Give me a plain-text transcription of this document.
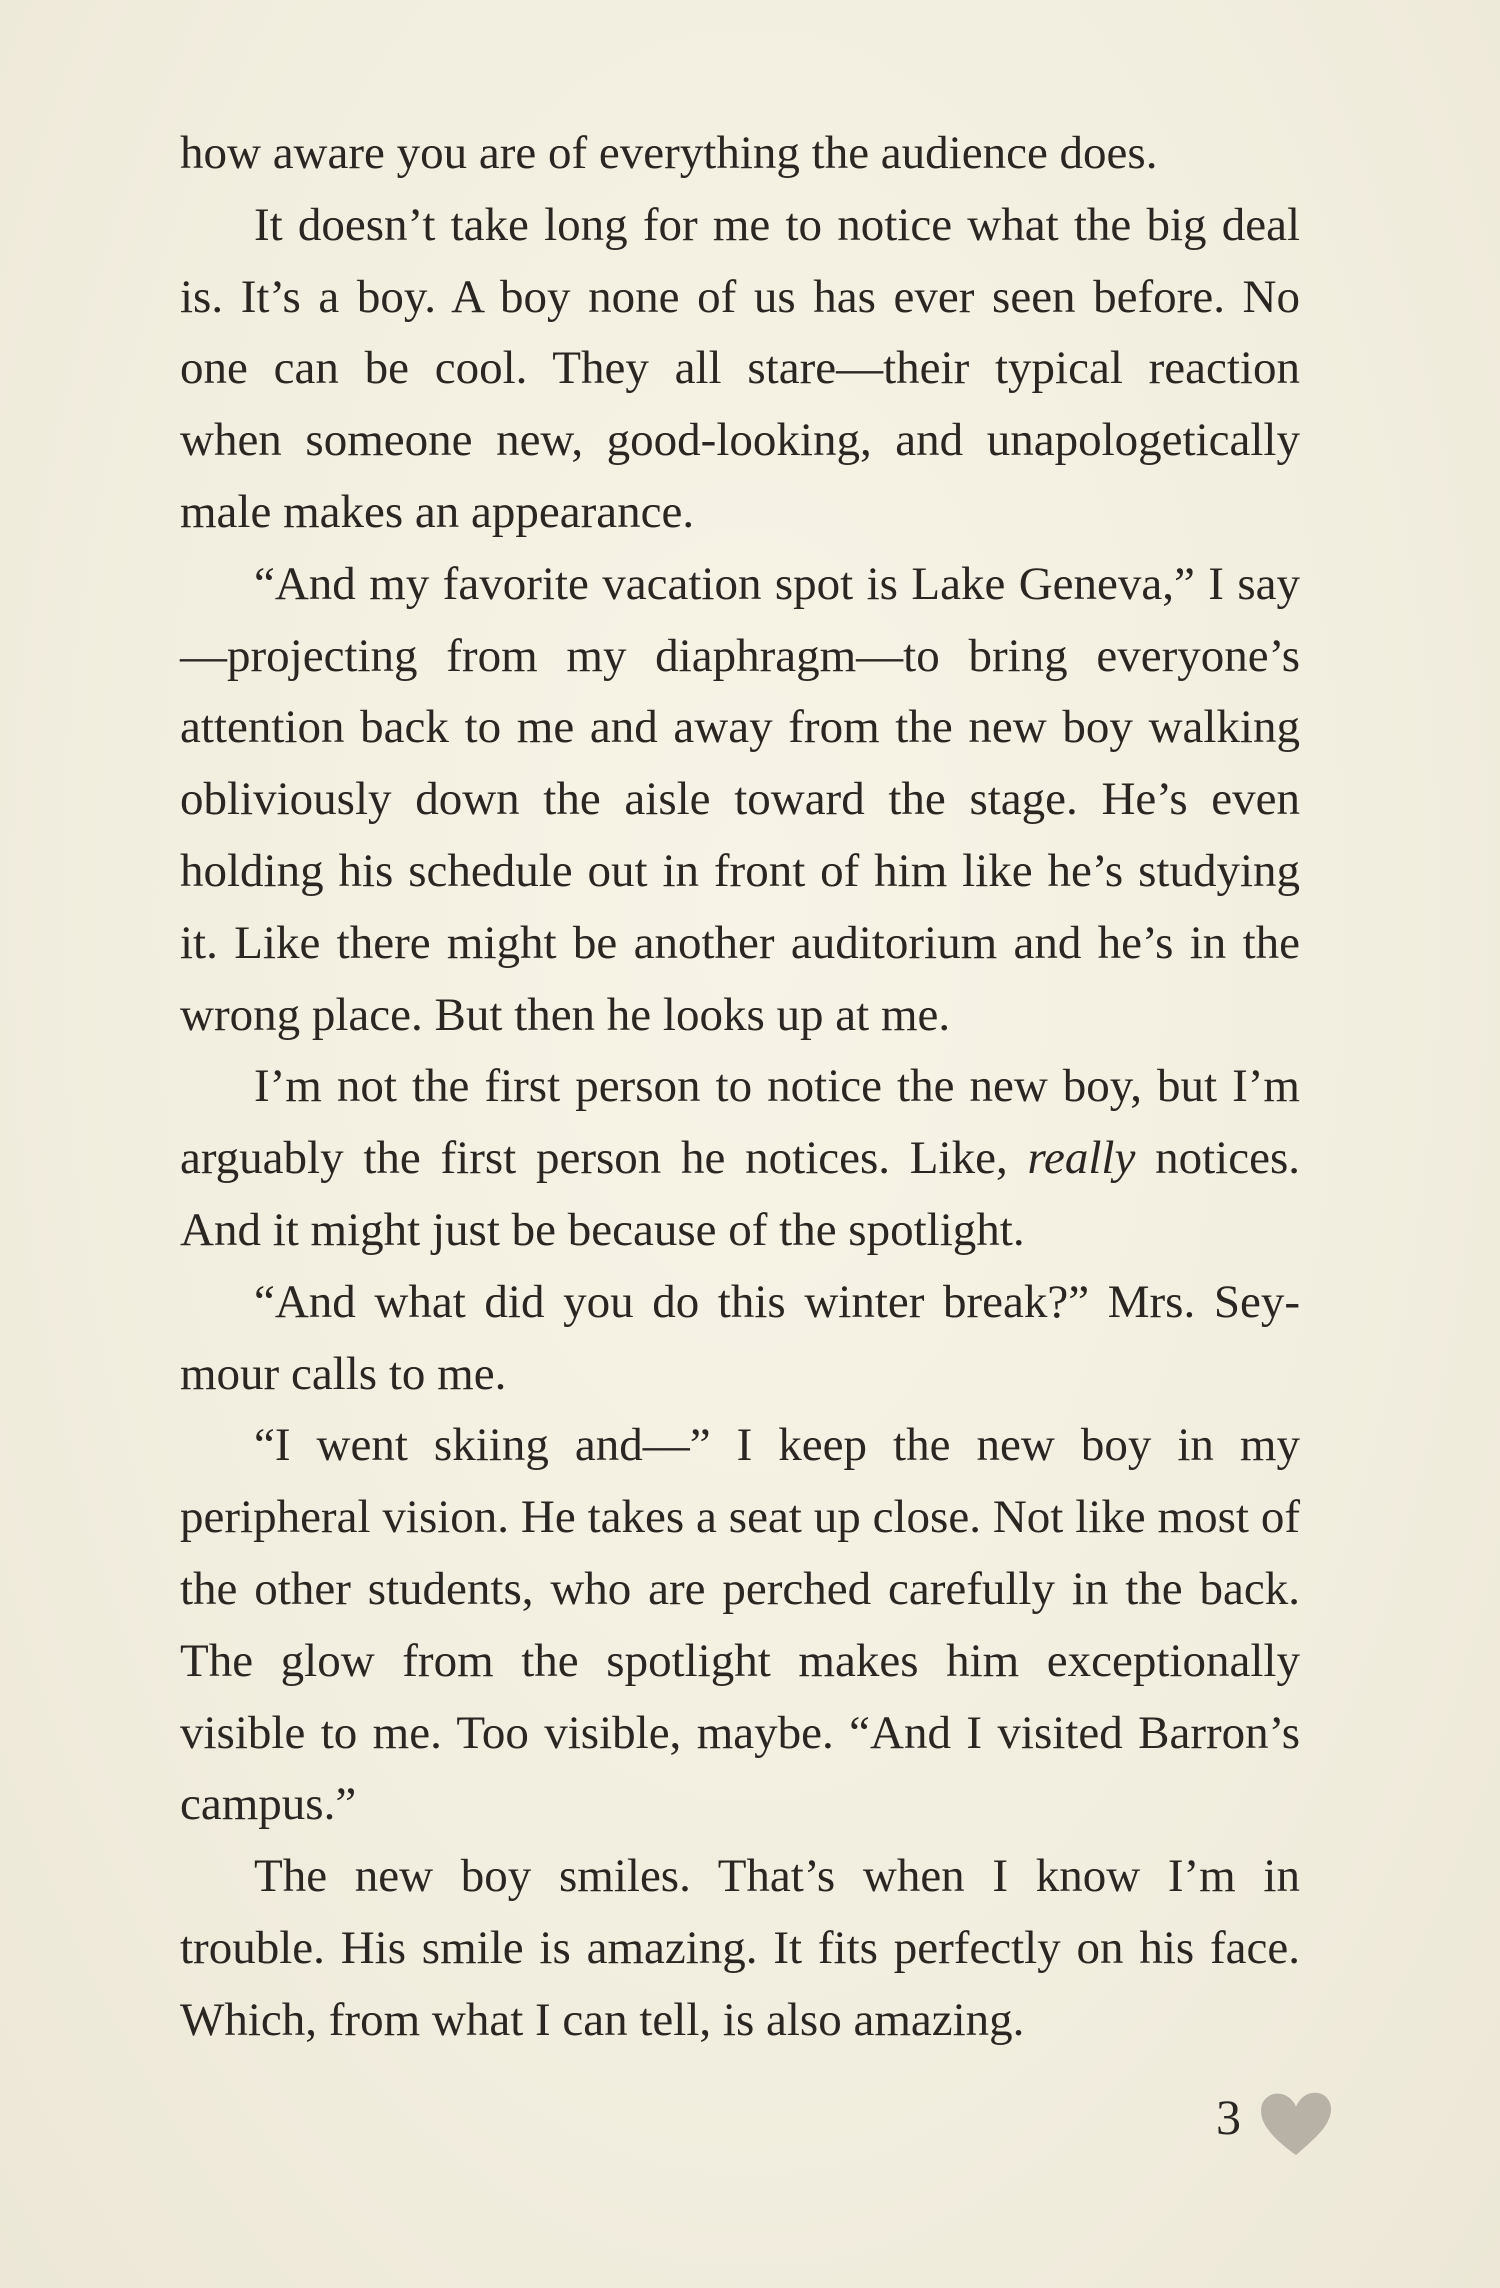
how aware you are of everything the audience does.

It doesn’t take long for me to notice what the big deal is. It’s a boy. A boy none of us has ever seen before. No one can be cool. They all stare—their typical reaction when someone new, good-looking, and unapologetically male makes an appearance.

“And my favorite vacation spot is Lake Geneva,” I say—projecting from my diaphragm—to bring everyone’s attention back to me and away from the new boy walking obliviously down the aisle toward the stage. He’s even holding his schedule out in front of him like he’s studying it. Like there might be another auditorium and he’s in the wrong place. But then he looks up at me.

I’m not the first person to notice the new boy, but I’m arguably the first person he notices. Like, really notices. And it might just be because of the spotlight.

“And what did you do this winter break?” Mrs. Seymour calls to me.

“I went skiing and—” I keep the new boy in my peripheral vision. He takes a seat up close. Not like most of the other students, who are perched carefully in the back. The glow from the spotlight makes him exceptionally visible to me. Too visible, maybe. “And I visited Barron’s campus.”

The new boy smiles. That’s when I know I’m in trouble. His smile is amazing. It fits perfectly on his face. Which, from what I can tell, is also amazing.

3
